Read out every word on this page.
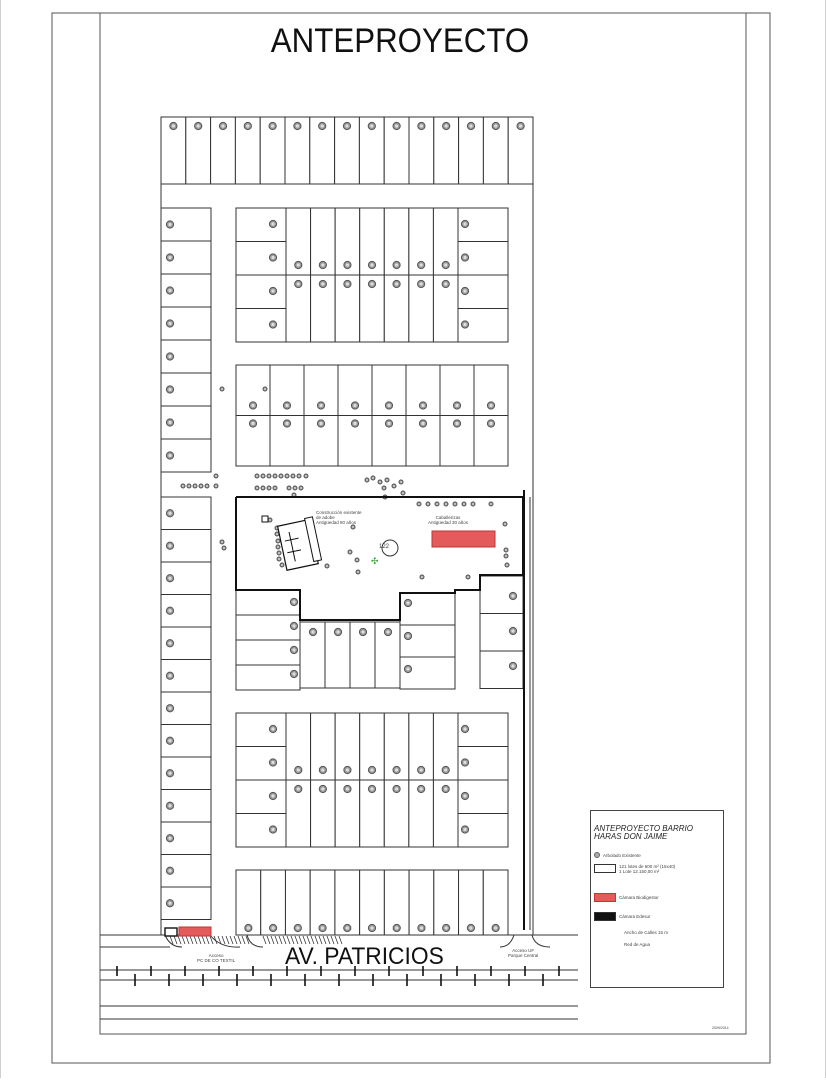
✣
ANTEPROYECTO
AV. PATRICIOS
Construcción existente
de adobe
Antigüedad 80 años
Caballerizas
Antigüedad 30 años
Acceso
PC DE CO TEXTIL
Acceso UF
Parque Central
122
2009/2014
ANTEPROYECTO BARRIO
HARAS DON JAIME
Arbolado Existente
121 lotes de 600 m² (15x40)
1 Lote 12.150,00 m²
Cámara Biodigestor
Cámara Edesur
Ancho de Calles 15 m
Red de Agua
